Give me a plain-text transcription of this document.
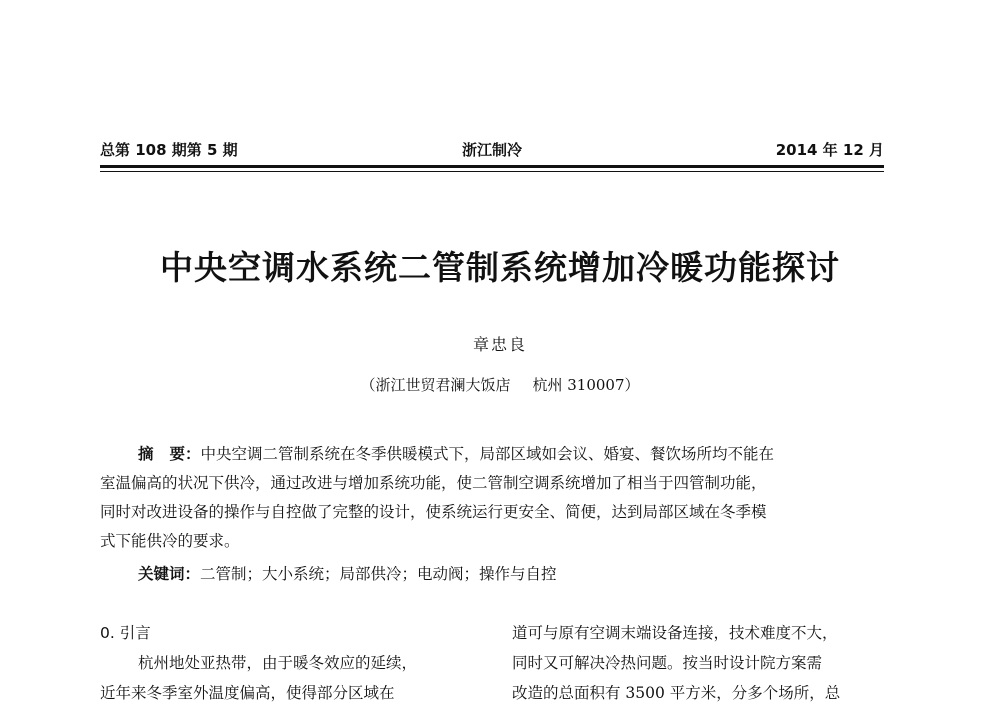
总第 108 期第 5 期	浙江制冷	2014 年 12 月
中央空调水系统二管制系统增加冷暖功能探讨
章忠良
（浙江世贸君澜大饭店 杭州 310007）
摘 要：中央空调二管制系统在冬季供暖模式下，局部区域如会议、婚宴、餐饮场所均不能在
室温偏高的状况下供冷，通过改进与增加系统功能，使二管制空调系统增加了相当于四管制功能，
同时对改进设备的操作与自控做了完整的设计，使系统运行更安全、简便，达到局部区域在冬季模
式下能供冷的要求。
关键词：二管制；大小系统；局部供冷；电动阀；操作与自控
0. 引言
杭州地处亚热带，由于暖冬效应的延续，
近年来冬季室外温度偏高，使得部分区域在
道可与原有空调末端设备连接，技术难度不大，
同时又可解决冷热问题。按当时设计院方案需
改造的总面积有 3500 平方米，分多个场所，总
